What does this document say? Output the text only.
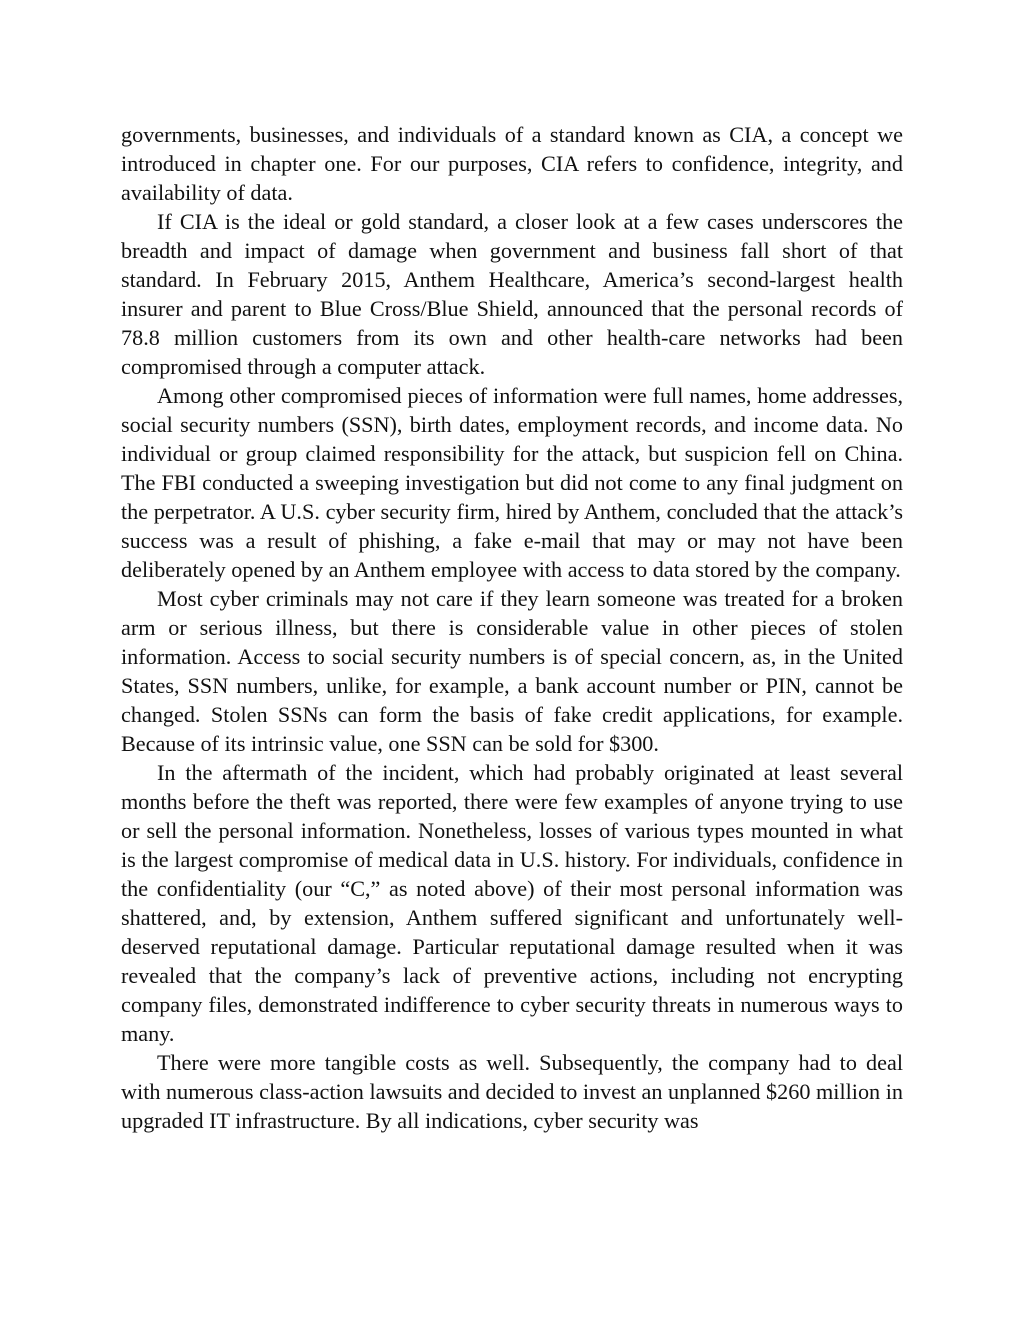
governments, businesses, and individuals of a standard known as CIA, a concept we introduced in chapter one. For our purposes, CIA refers to confidence, integrity, and availability of data.

If CIA is the ideal or gold standard, a closer look at a few cases underscores the breadth and impact of damage when government and business fall short of that standard. In February 2015, Anthem Healthcare, America’s second-largest health insurer and parent to Blue Cross/Blue Shield, announced that the personal records of 78.8 million customers from its own and other health-care networks had been compromised through a computer attack.

Among other compromised pieces of information were full names, home addresses, social security numbers (SSN), birth dates, employment records, and income data. No individual or group claimed responsibility for the attack, but suspicion fell on China. The FBI conducted a sweeping investigation but did not come to any final judgment on the perpetrator. A U.S. cyber security firm, hired by Anthem, concluded that the attack’s success was a result of phishing, a fake e-mail that may or may not have been deliberately opened by an Anthem employee with access to data stored by the company.

Most cyber criminals may not care if they learn someone was treated for a broken arm or serious illness, but there is considerable value in other pieces of stolen information. Access to social security numbers is of special concern, as, in the United States, SSN numbers, unlike, for example, a bank account number or PIN, cannot be changed. Stolen SSNs can form the basis of fake credit applications, for example. Because of its intrinsic value, one SSN can be sold for $300.

In the aftermath of the incident, which had probably originated at least several months before the theft was reported, there were few examples of anyone trying to use or sell the personal information. Nonetheless, losses of various types mounted in what is the largest compromise of medical data in U.S. history. For individuals, confidence in the confidentiality (our “C,” as noted above) of their most personal information was shattered, and, by extension, Anthem suffered significant and unfortunately well-deserved reputational damage. Particular reputational damage resulted when it was revealed that the company’s lack of preventive actions, including not encrypting company files, demonstrated indifference to cyber security threats in numerous ways to many.

There were more tangible costs as well. Subsequently, the company had to deal with numerous class-action lawsuits and decided to invest an unplanned $260 million in upgraded IT infrastructure. By all indications, cyber security was
